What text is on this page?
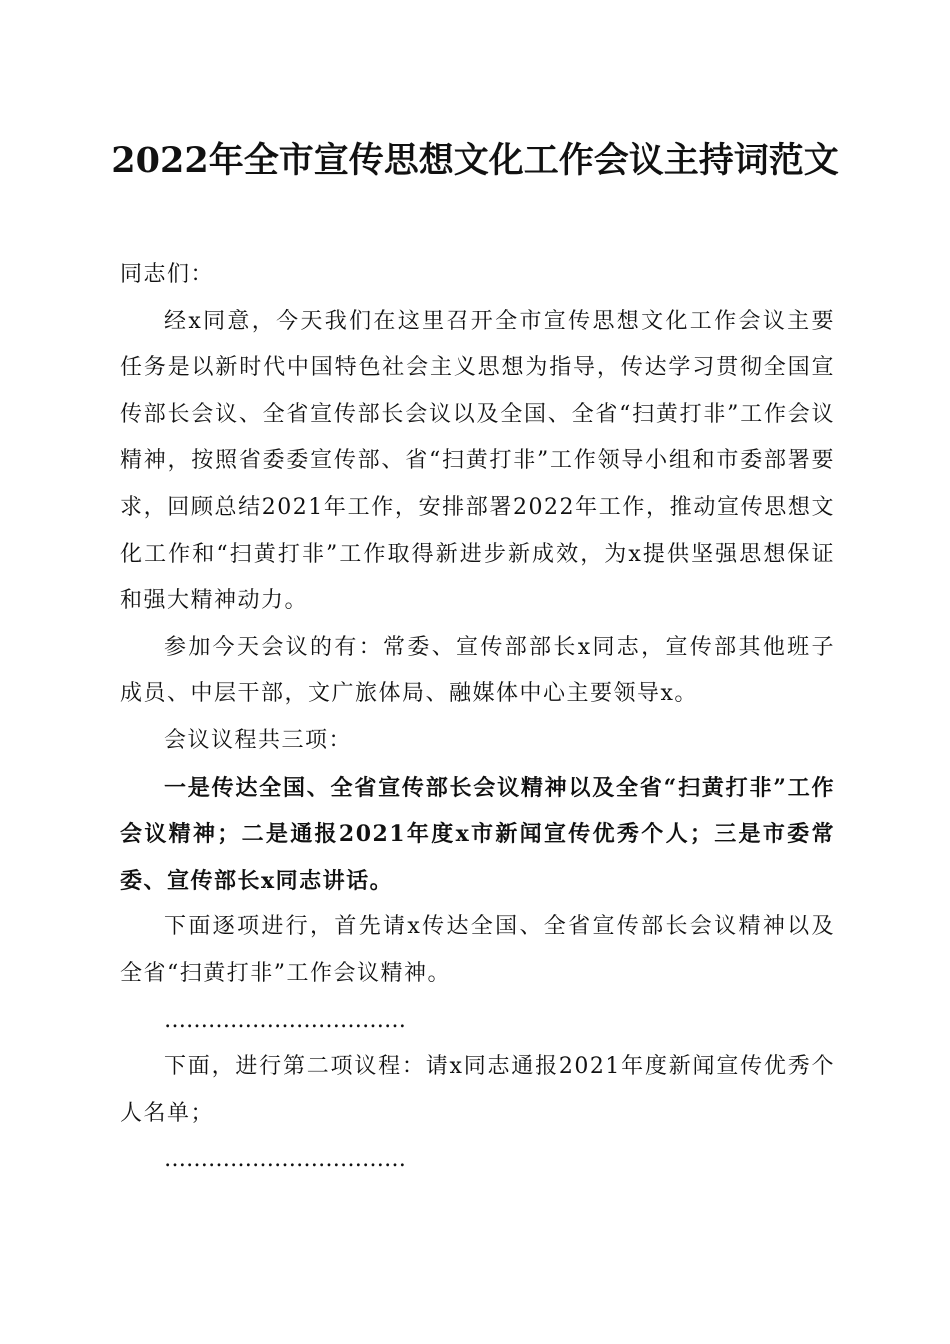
2022年全市宣传思想文化工作会议主持词范文

同志们：

经x同意，今天我们在这里召开全市宣传思想文化工作会议主要任务是以新时代中国特色社会主义思想为指导，传达学习贯彻全国宣传部长会议、全省宣传部长会议以及全国、全省“扫黄打非”工作会议精神，按照省委委宣传部、省“扫黄打非”工作领导小组和市委部署要求，回顾总结2021年工作，安排部署2022年工作，推动宣传思想文化工作和“扫黄打非”工作取得新进步新成效，为x提供坚强思想保证和强大精神动力。

参加今天会议的有：常委、宣传部部长x同志，宣传部其他班子成员、中层干部，文广旅体局、融媒体中心主要领导x。

会议议程共三项：

一是传达全国、全省宣传部长会议精神以及全省“扫黄打非”工作会议精神；二是通报2021年度x市新闻宣传优秀个人；三是市委常委、宣传部长x同志讲话。

下面逐项进行，首先请x传达全国、全省宣传部长会议精神以及全省“扫黄打非”工作会议精神。

……………………………

下面，进行第二项议程：请x同志通报2021年度新闻宣传优秀个人名单；

……………………………
